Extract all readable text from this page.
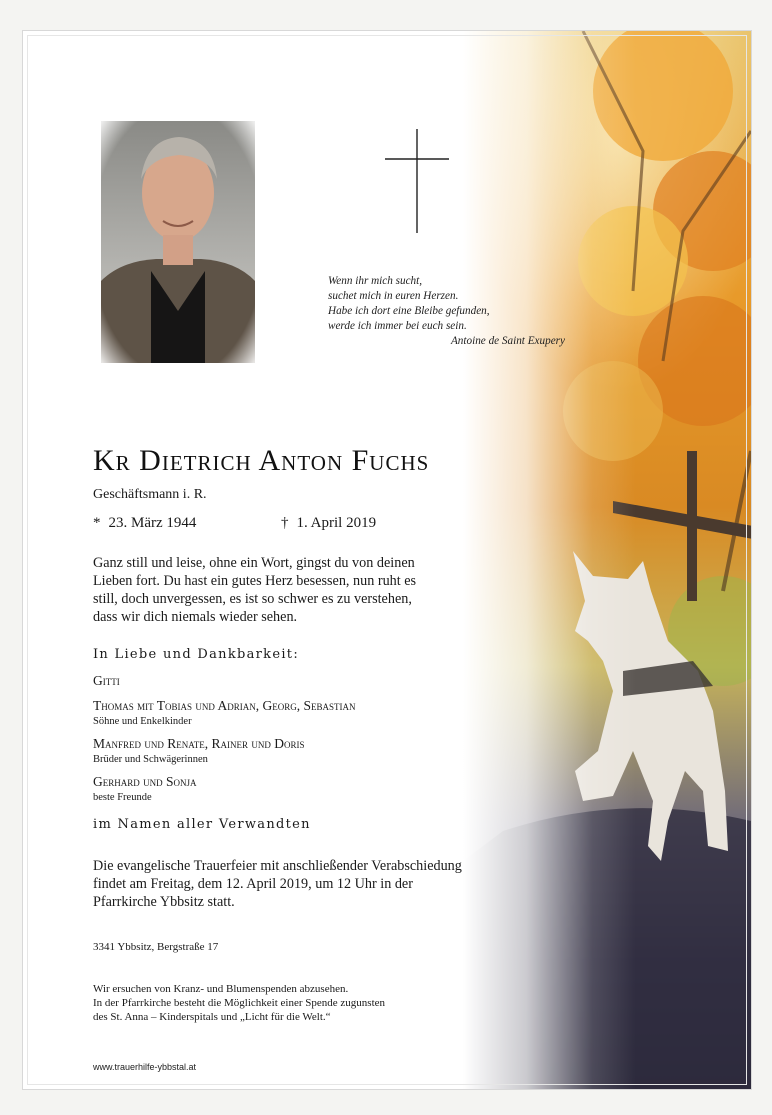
Wenn ihr mich sucht,
suchet mich in euren Herzen.
Habe ich dort eine Bleibe gefunden,
werde ich immer bei euch sein.
Antoine de Saint Exupery
Kr Dietrich Anton Fuchs
Geschäftsmann i. R.
* 23. März 1944	† 1. April 2019
Ganz still und leise, ohne ein Wort, gingst du von deinen
Lieben fort. Du hast ein gutes Herz besessen, nun ruht es
still, doch unvergessen, es ist so schwer es zu verstehen,
dass wir dich niemals wieder sehen.
In Liebe und Dankbarkeit:
Gitti
Thomas mit Tobias und Adrian, Georg, Sebastian
Söhne und Enkelkinder
Manfred und Renate, Rainer und Doris
Brüder und Schwägerinnen
Gerhard und Sonja
beste Freunde
im Namen aller Verwandten
Die evangelische Trauerfeier mit anschließender Verabschiedung
findet am Freitag, dem 12. April 2019, um 12 Uhr in der
Pfarrkirche Ybbsitz statt.
3341 Ybbsitz, Bergstraße 17
Wir ersuchen von Kranz- und Blumenspenden abzusehen.
In der Pfarrkirche besteht die Möglichkeit einer Spende zugunsten
des St. Anna – Kinderspitals und „Licht für die Welt.“
www.trauerhilfe-ybbstal.at
